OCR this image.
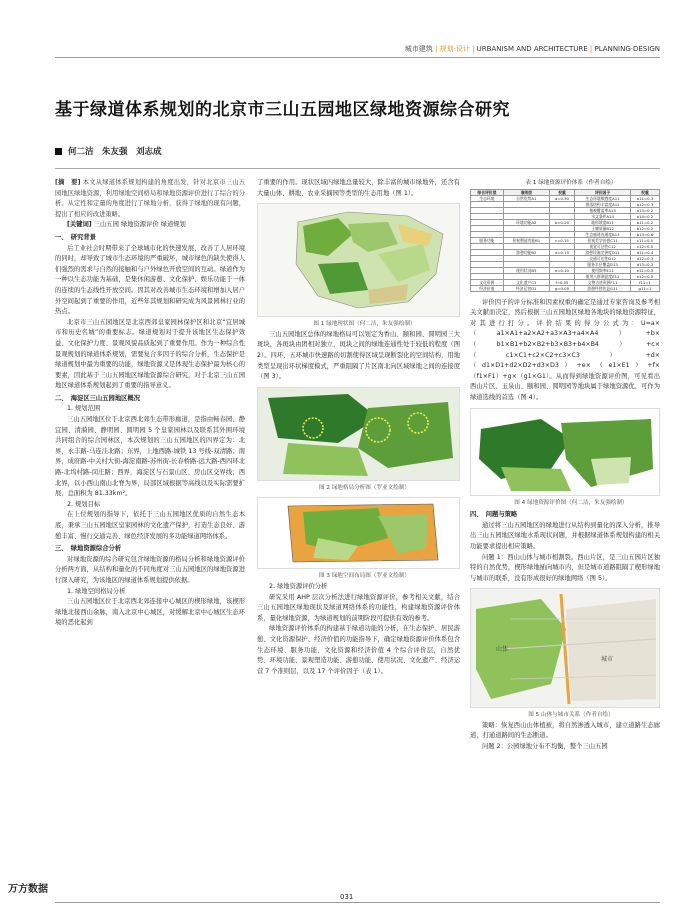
城市建筑 | 规划·设计 | URBANISM AND ARCHITECTURE | PLANNING·DESIGN
基于绿道体系规划的北京市三山五园地区绿地资源综合研究
何二洁　朱友强　刘志成

[摘　要] 本文从绿道体系规划构建的角度出发，针对北京市三山五园地区绿地资源，利用绿地空间格局和绿地资源评价进行了综合的分析。从定性和定量的角度进行了绿地分析，获得了绿地的现有问题，提出了相应的改进策略。

[关键词] 三山五园 绿地资源评价 绿道规划

一、　研究背景

后工业社会时期带来了全球城市化的快速发展，改善了人居环境的同时，却导致了城市生态环境的严重破坏，城市绿色的缺失使得人们强烈的需求与自然的接触和与户外绿色开放空间的互动。绿道作为一种以生态功能为基础，是集休闲游憩、文化保护、娱乐功能于一体的连续的生态线性开放空间。因其对改善城市生态环境和增加人居户外空间起到了重要的作用，近些年其规划和研究成为风景园林行业的热点。

北京市三山五园地区是北京西郊皇家园林保护区和北京“宜居城市和历史名城”的重要标志。绿道规划对于提升该地区生态保护效益、文化保护力度、景观风貌品质起到了重要作用。作为一种综合性景观规划的绿道体系规划，需要复合多因子的综合分析，生态保护是绿道规划中最为重要的功能，绿地资源又是体现生态保护最为核心的要素，因此基于三山五园地区绿地资源综合研究，对于北京三山五园地区绿道体系规划起到了重要的指导意义。

二、　海淀区三山五园地区概况

1. 规划范围

三山五园地区位于北京西北郊生态带形廊道，是指由畅春园、静宜园、清漪园、静明园、圆明园 5 个皇家园林以及联系其外围环境共同组合的综合园林区，本次规划的三山五园地区的四界定为：北界，永丰路-马连洼北路；东界，上地西路-城铁 13 号线-双清路；南界，成府路-中关村大街-海淀南路-苏州街-长春桥路-远大路-西四环北路-北坞村路-闵庄路；西界，海淀区与石景山区、房山区交界线；西北界，以小西山南山北脊为界，局部区域根据等高线以及实际需要扩展，总面积为 81.33km²。

2. 规划目标

在上位规划的指导下，依托于三山五园地区优质的自然生态本底，秉承三山五园地区皇家园林的文化遗产保护，打造生态良好、游憩丰富、慢行交通完善、绿色经济发展的多功能绿道网络体系。

三、　绿地资源综合分析

对绿地资源的综合研究包含绿地资源的格局分析和绿地资源评价分析两方面，从结构和量化的不同角度对三山五园地区的绿地资源进行深入研究，为该地区的绿道体系规划提供依据。

1. 绿地空间格局分析

三山五园地区位于北京西北郊连接中心城区的楔形绿地，该楔形绿地北接西山余脉，南入北京中心城区，对缓解北京中心城区生态环境的恶化起到

了重要的作用。现状区域内绿地总量较大，除丰富的城市绿地外，还含有大量山体、耕地、农业采摘园等类型的生态用地（图 1）。

图 1 绿地现状图（何二洁，朱友强绘制）

三山五园地区总体的绿地格局可以划定为香山、颐和园、圆明园三大斑块，各斑块由团相对独立，斑块之间的绿地连通性处于较低的程度（图 2）。四环、五环城市快速路的切割使得区域呈现断裂化的空间结构，用地类型呈现出环状梯度模式，严重阻隔了片区南北向区域绿地之间的连接度（图 3）。

图 2 绿地格局分析图（罗亚文绘制）

图 3 绿地空间布局图（罗亚文绘制）

2. 绿地资源评价分析

研究采用 AHP 层次分析法进行绿地资源评价，参考相关文献，结合三山五园地区绿地现状及绿道网络体系的功能性，构建绿地资源评价体系，量化绿地资源，为绿道规划的前期阶段可提供有效的参考。

绿地资源评价体系的构建基于绿道功能的分析，在生态保护、居民游憩、文化资源保护、经济价值的功能指导下，确定绿地资源评价体系包含生态环境、服务功能、文化资源和经济价值 4 个综合评价层，自然优势、环境功能、景观塑造功能、游憩功能、使用状况、文化遗产、经济运营 7 个准则层，以及 17 个评价因子（表 1）。

表 1 绿地资源评价体系（作者自绘）

综合评价层	准则层	权重	评价因子	权重
生态环境	自然优势A1	a=0.30	生态环境敏感度A11	a11=0.3
			群落结构丰富度A12	a12=0.3
			植被覆盖率A13	a13=0.2
			水文条件A14	a14=0.2
	环境功能A2	b=0.20	地形坡度B11	b11=0.2
			土壤质量B12	b12=0.2
			生态廊道连通度B13	b13=0.6
服务功能	景观塑造功能B1	c=0.15	景观美学价值C11	c11=0.5
			视觉可达性C12	c12=0.5
	游憩功能B2	d=0.15	游憩设施完善度D11	d11=0.4
			交通可达性D12	d12=0.3
			服务半径覆盖D13	d13=0.3
	使用状况B3	e=0.10	使用频率E11	e11=0.5
			使用人群满意度E12	e12=0.5
文化资源	文化遗产C1	f=0.05	文物古迹资源F11	f11=1
经济价值	经济运营D1	g=0.05	游憩经营收益G11	g11=1

评价因子的评分标准和因素权重的确定是通过专家咨询及参考相关文献而决定，然后根据三山五园地区绿地各地块的绿地资源特征，对其进行打分。评价结果的得分公式为：U=a×（a1×A1+a2×A2+a3×A3+a4×A4）+b×（b1×B1+b2×B2+b3×B3+b4×B4）+c×（c1×C1+c2×C2+c3×C3）+d×（d1×D1+d2×D2+d3×D3）+e×（e1×E1）+f×（f1×F1）+g×（g1×G1）。从而得到绿地资源评价图，可见看出西山片区、玉泉山、颐和园、圆明园等地块属于绿地资源优，可作为绿道选线的首选（图 4）。

图 4 绿地资源评价图（何二洁，朱友强绘制）

四、　问题与策略

通过将三山五园地区的绿地进行从结构到量化的深入分析，推导出三山五园地区绿地水系现状问题，并根据绿道体系规划构建的相关功能要求提出相应策略。

问题 1：西山山体与城市相割裂。西山片区，是三山五园片区独特的自然优势，楔形绿地插向城市内，但是城市道路阻隔了楔形绿地与城市的联系，没有形成很好的绿地网络（图 5）。

山体
城市

图 5 山体与城市关系（作者自绘）

策略：恢复西山山体植被，将自然渗透入城市，建立道路生态廊道，打通道路间的生态断道。

问题 2：公园绿地分布不均衡，整个三山五园

031
万方数据
